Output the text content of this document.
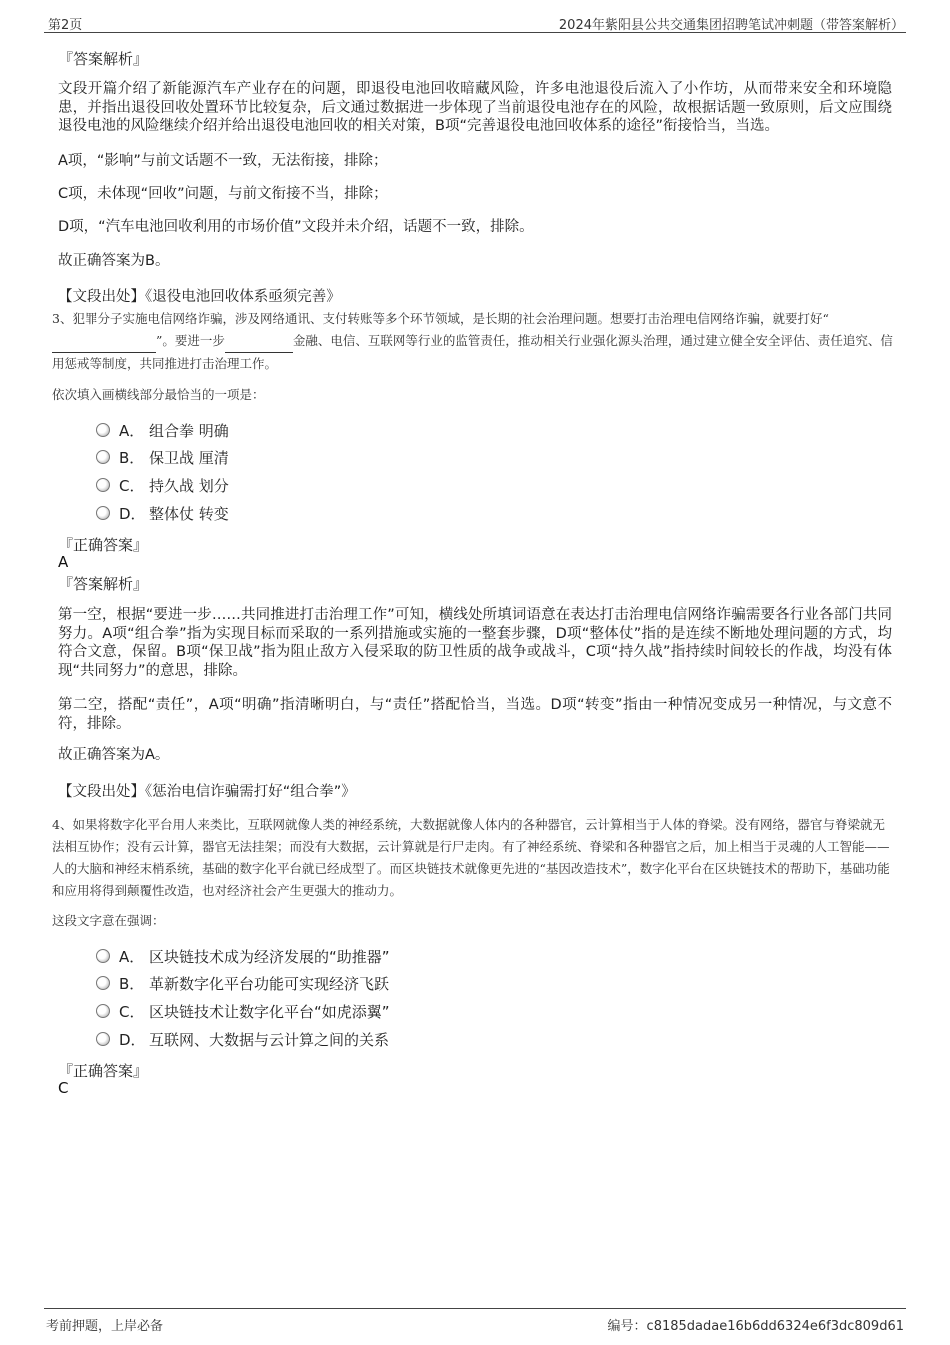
第2页	2024年紫阳县公共交通集团招聘笔试冲刺题（带答案解析）
『答案解析』

文段开篇介绍了新能源汽车产业存在的问题，即退役电池回收暗藏风险，许多电池退役后流入了小作坊，从而带来安全和环境隐患，并指出退役回收处置环节比较复杂，后文通过数据进一步体现了当前退役电池存在的风险，故根据话题一致原则，后文应围绕退役电池的风险继续介绍并给出退役电池回收的相关对策，B项“完善退役电池回收体系的途径”衔接恰当，当选。

A项，“影响”与前文话题不一致，无法衔接，排除；

C项，未体现“回收”问题，与前文衔接不当，排除；

D项，“汽车电池回收利用的市场价值”文段并未介绍，话题不一致，排除。

故正确答案为B。

【文段出处】《退役电池回收体系亟须完善》

3、犯罪分子实施电信网络诈骗，涉及网络通讯、支付转账等多个环节领域，是长期的社会治理问题。想要打击治理电信网络诈骗，就要打好“ ”。要进一步	金融、电信、互联网等行业的监管责任，推动相关行业强化源头治理，通过建立健全安全评估、责任追究、信用惩戒等制度，共同推进打击治理工作。

依次填入画横线部分最恰当的一项是：
A． 组合拳 明确
B． 保卫战 厘清
C． 持久战 划分
D． 整体仗 转变
『正确答案』
A
『答案解析』

第一空，根据“要进一步……共同推进打击治理工作”可知，横线处所填词语意在表达打击治理电信网络诈骗需要各行业各部门共同努力。A项“组合拳”指为实现目标而采取的一系列措施或实施的一整套步骤，D项“整体仗”指的是连续不断地处理问题的方式，均符合文意，保留。B项“保卫战”指为阻止敌方入侵采取的防卫性质的战争或战斗，C项“持久战”指持续时间较长的作战，均没有体现“共同努力”的意思，排除。

第二空，搭配“责任”，A项“明确”指清晰明白，与“责任”搭配恰当，当选。D项“转变”指由一种情况变成另一种情况，与文意不符，排除。

故正确答案为A。

【文段出处】《惩治电信诈骗需打好“组合拳”》

4、如果将数字化平台用人来类比，互联网就像人类的神经系统，大数据就像人体内的各种器官，云计算相当于人体的脊梁。没有网络，器官与脊梁就无法相互协作；没有云计算，器官无法挂架；而没有大数据，云计算就是行尸走肉。有了神经系统、脊梁和各种器官之后，加上相当于灵魂的人工智能——人的大脑和神经末梢系统，基础的数字化平台就已经成型了。而区块链技术就像更先进的“基因改造技术”，数字化平台在区块链技术的帮助下，基础功能和应用将得到颠覆性改造，也对经济社会产生更强大的推动力。

这段文字意在强调：
A． 区块链技术成为经济发展的“助推器”
B． 革新数字化平台功能可实现经济飞跃
C． 区块链技术让数字化平台“如虎添翼”
D． 互联网、大数据与云计算之间的关系
『正确答案』
C
考前押题，上岸必备	编号：c8185dadae16b6dd6324e6f3dc809d61
